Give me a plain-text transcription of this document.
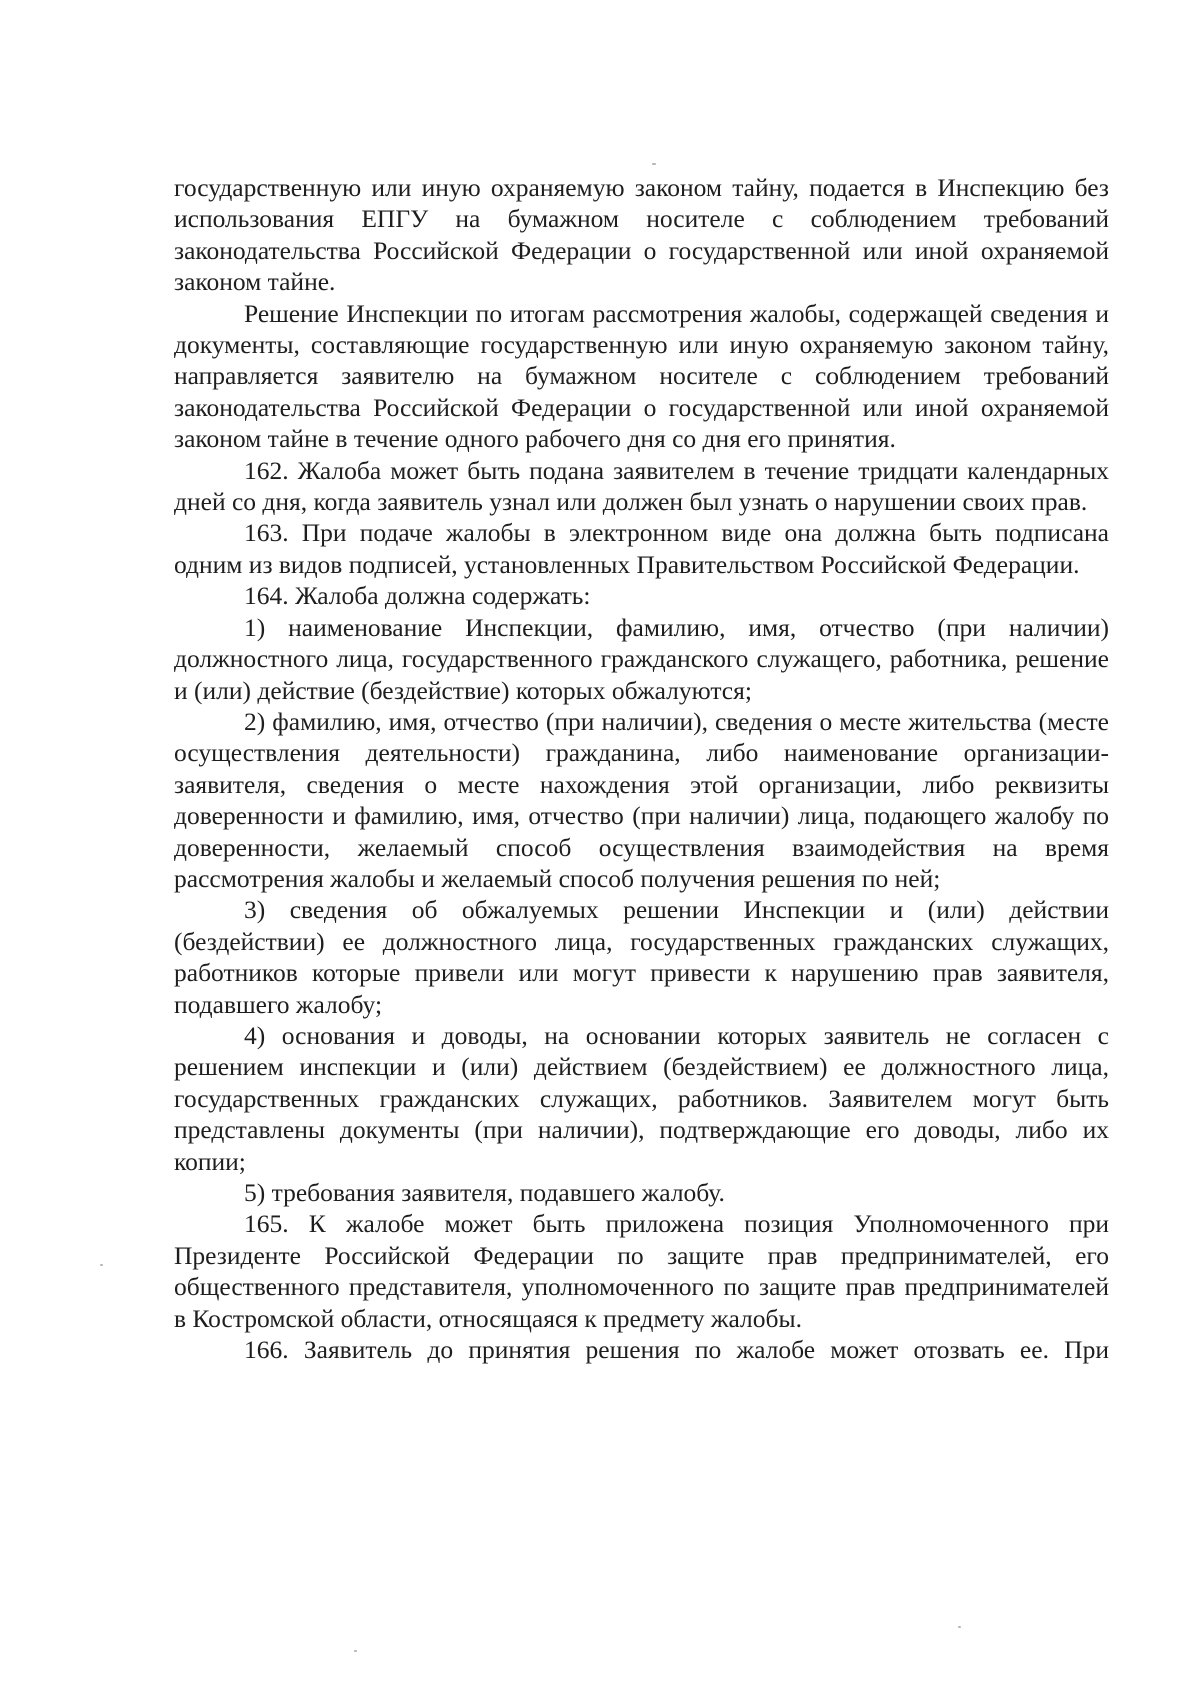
государственную или иную охраняемую законом тайну, подается в Инспекцию без использования ЕПГУ на бумажном носителе с соблюдением требований законодательства Российской Федерации о государственной или иной охраняемой законом тайне.

Решение Инспекции по итогам рассмотрения жалобы, содержащей сведения и документы, составляющие государственную или иную охраняемую законом тайну, направляется заявителю на бумажном носителе с соблюдением требований законодательства Российской Федерации о государственной или иной охраняемой законом тайне в течение одного рабочего дня со дня его принятия.

162. Жалоба может быть подана заявителем в течение тридцати календарных дней со дня, когда заявитель узнал или должен был узнать о нарушении своих прав.

163. При подаче жалобы в электронном виде она должна быть подписана одним из видов подписей, установленных Правительством Российской Федерации.

164. Жалоба должна содержать:

1) наименование Инспекции, фамилию, имя, отчество (при наличии) должностного лица, государственного гражданского служащего, работника, решение и (или) действие (бездействие) которых обжалуются;

2) фамилию, имя, отчество (при наличии), сведения о месте жительства (месте осуществления деятельности) гражданина, либо наименование организации-заявителя, сведения о месте нахождения этой организации, либо реквизиты доверенности и фамилию, имя, отчество (при наличии) лица, подающего жалобу по доверенности, желаемый способ осуществления взаимодействия на время рассмотрения жалобы и желаемый способ получения решения по ней;

3) сведения об обжалуемых решении Инспекции и (или) действии (бездействии) ее должностного лица, государственных гражданских служащих, работников которые привели или могут привести к нарушению прав заявителя, подавшего жалобу;

4) основания и доводы, на основании которых заявитель не согласен с решением инспекции и (или) действием (бездействием) ее должностного лица, государственных гражданских служащих, работников. Заявителем могут быть представлены документы (при наличии), подтверждающие его доводы, либо их копии;

5) требования заявителя, подавшего жалобу.

165. К жалобе может быть приложена позиция Уполномоченного при Президенте Российской Федерации по защите прав предпринимателей, его общественного представителя, уполномоченного по защите прав предпринимателей в Костромской области, относящаяся к предмету жалобы.

166. Заявитель до принятия решения по жалобе может отозвать ее. При
